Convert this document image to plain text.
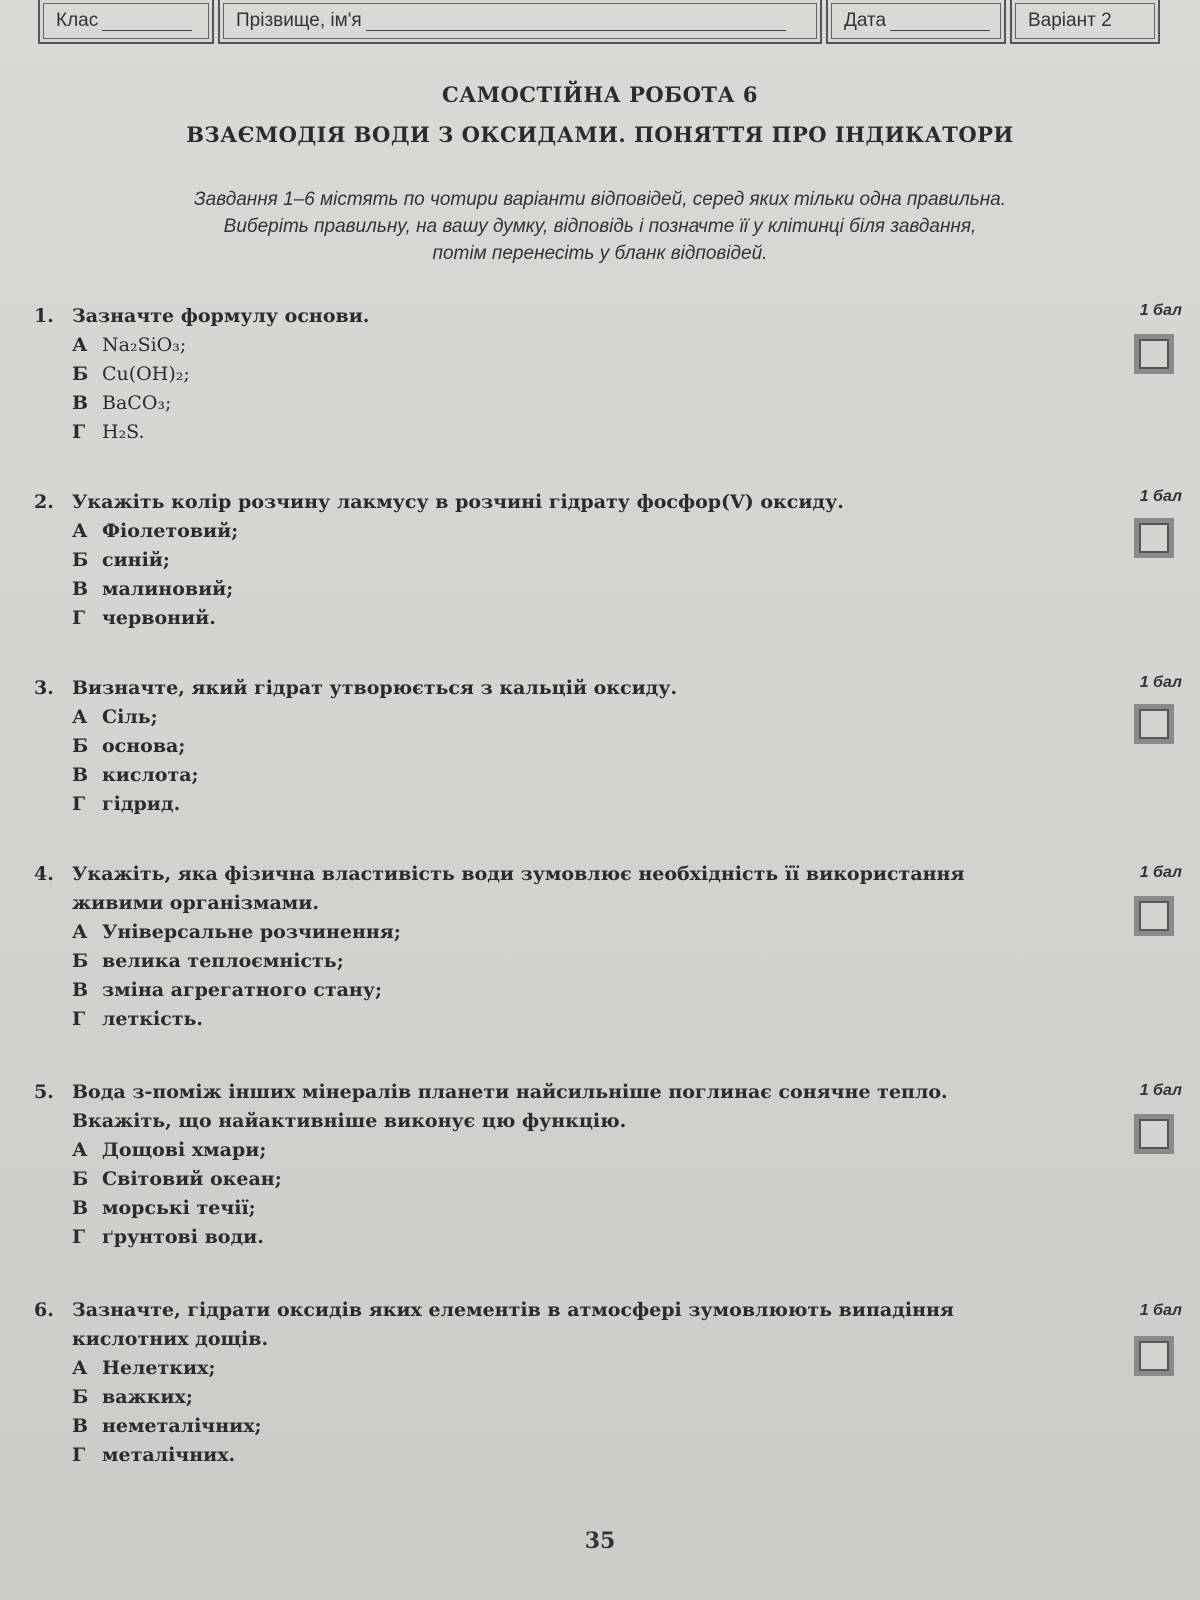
Клас	Прізвище, ім'я	Дата	Варіант 2
САМОСТІЙНА РОБОТА 6
ВЗАЄМОДІЯ ВОДИ З ОКСИДАМИ. ПОНЯТТЯ ПРО ІНДИКАТОРИ
Завдання 1–6 містять по чотири варіанти відповідей, серед яких тільки одна правильна.
Виберіть правильну, на вашу думку, відповідь і позначте її у клітинці біля завдання,
потім перенесіть у бланк відповідей.
1. Зазначте формулу основи.
А Na₂SiO₃;
Б Cu(OH)₂;
В BaCO₃;
Г H₂S.
1 бал
2. Укажіть колір розчину лакмусу в розчині гідрату фосфор(V) оксиду.
А Фіолетовий;
Б синій;
В малиновий;
Г червоний.
1 бал
3. Визначте, який гідрат утворюється з кальцій оксиду.
А Сіль;
Б основа;
В кислота;
Г гідрид.
1 бал
4. Укажіть, яка фізична властивість води зумовлює необхідність її використання
живими організмами.
А Універсальне розчинення;
Б велика теплоємність;
В зміна агрегатного стану;
Г леткість.
1 бал
5. Вода з-поміж інших мінералів планети найсильніше поглинає сонячне тепло.
Вкажіть, що найактивніше виконує цю функцію.
А Дощові хмари;
Б Світовий океан;
В морські течії;
Г ґрунтові води.
1 бал
6. Зазначте, гідрати оксидів яких елементів в атмосфері зумовлюють випадіння
кислотних дощів.
А Нелетких;
Б важких;
В неметалічних;
Г металічних.
1 бал
35
